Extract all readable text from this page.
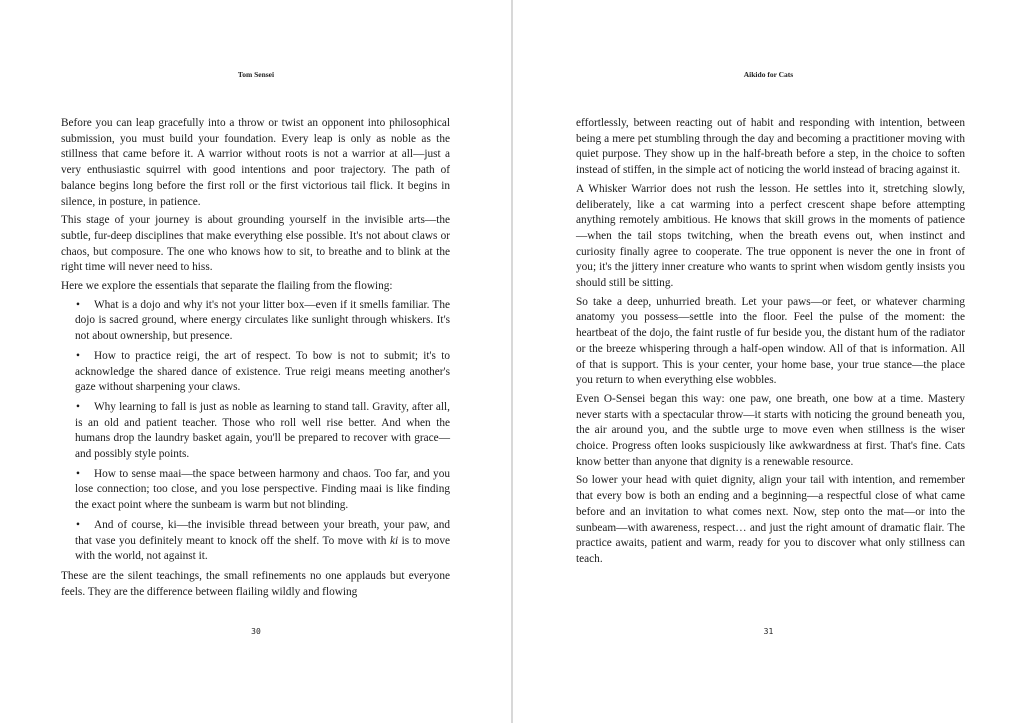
Tom Sensei

Before you can leap gracefully into a throw or twist an opponent into philosophical submission, you must build your foundation. Every leap is only as noble as the stillness that came before it. A warrior without roots is not a warrior at all—just a very enthusiastic squirrel with good intentions and poor trajectory. The path of balance begins long before the first roll or the first victorious tail flick. It begins in silence, in posture, in patience.

This stage of your journey is about grounding yourself in the invisible arts—the subtle, fur-deep disciplines that make everything else possible. It's not about claws or chaos, but composure. The one who knows how to sit, to breathe and to blink at the right time will never need to hiss.

Here we explore the essentials that separate the flailing from the flowing:

• What is a dojo and why it's not your litter box—even if it smells familiar. The dojo is sacred ground, where energy circulates like sunlight through whiskers. It's not about ownership, but presence.
• How to practice reigi, the art of respect. To bow is not to submit; it's to acknowledge the shared dance of existence. True reigi means meeting another's gaze without sharpening your claws.
• Why learning to fall is just as noble as learning to stand tall. Gravity, after all, is an old and patient teacher. Those who roll well rise better. And when the humans drop the laundry basket again, you'll be prepared to recover with grace—and possibly style points.
• How to sense maai—the space between harmony and chaos. Too far, and you lose connection; too close, and you lose perspective. Finding maai is like finding the exact point where the sunbeam is warm but not blinding.
• And of course, ki—the invisible thread between your breath, your paw, and that vase you definitely meant to knock off the shelf. To move with ki is to move with the world, not against it.

These are the silent teachings, the small refinements no one applauds but everyone feels. They are the difference between flailing wildly and flowing

30
Aikido for Cats

effortlessly, between reacting out of habit and responding with intention, between being a mere pet stumbling through the day and becoming a practitioner moving with quiet purpose. They show up in the half-breath before a step, in the choice to soften instead of stiffen, in the simple act of noticing the world instead of bracing against it.

A Whisker Warrior does not rush the lesson. He settles into it, stretching slowly, deliberately, like a cat warming into a perfect crescent shape before attempting anything remotely ambitious. He knows that skill grows in the moments of patience—when the tail stops twitching, when the breath evens out, when instinct and curiosity finally agree to cooperate. The true opponent is never the one in front of you; it's the jittery inner creature who wants to sprint when wisdom gently insists you should still be sitting.

So take a deep, unhurried breath. Let your paws—or feet, or whatever charming anatomy you possess—settle into the floor. Feel the pulse of the moment: the heartbeat of the dojo, the faint rustle of fur beside you, the distant hum of the radiator or the breeze whispering through a half-open window. All of that is information. All of that is support. This is your center, your home base, your true stance—the place you return to when everything else wobbles.

Even O-Sensei began this way: one paw, one breath, one bow at a time. Mastery never starts with a spectacular throw—it starts with noticing the ground beneath you, the air around you, and the subtle urge to move even when stillness is the wiser choice. Progress often looks suspiciously like awkwardness at first. That's fine. Cats know better than anyone that dignity is a renewable resource.

So lower your head with quiet dignity, align your tail with intention, and remember that every bow is both an ending and a beginning—a respectful close of what came before and an invitation to what comes next. Now, step onto the mat—or into the sunbeam—with awareness, respect… and just the right amount of dramatic flair. The practice awaits, patient and warm, ready for you to discover what only stillness can teach.

31
